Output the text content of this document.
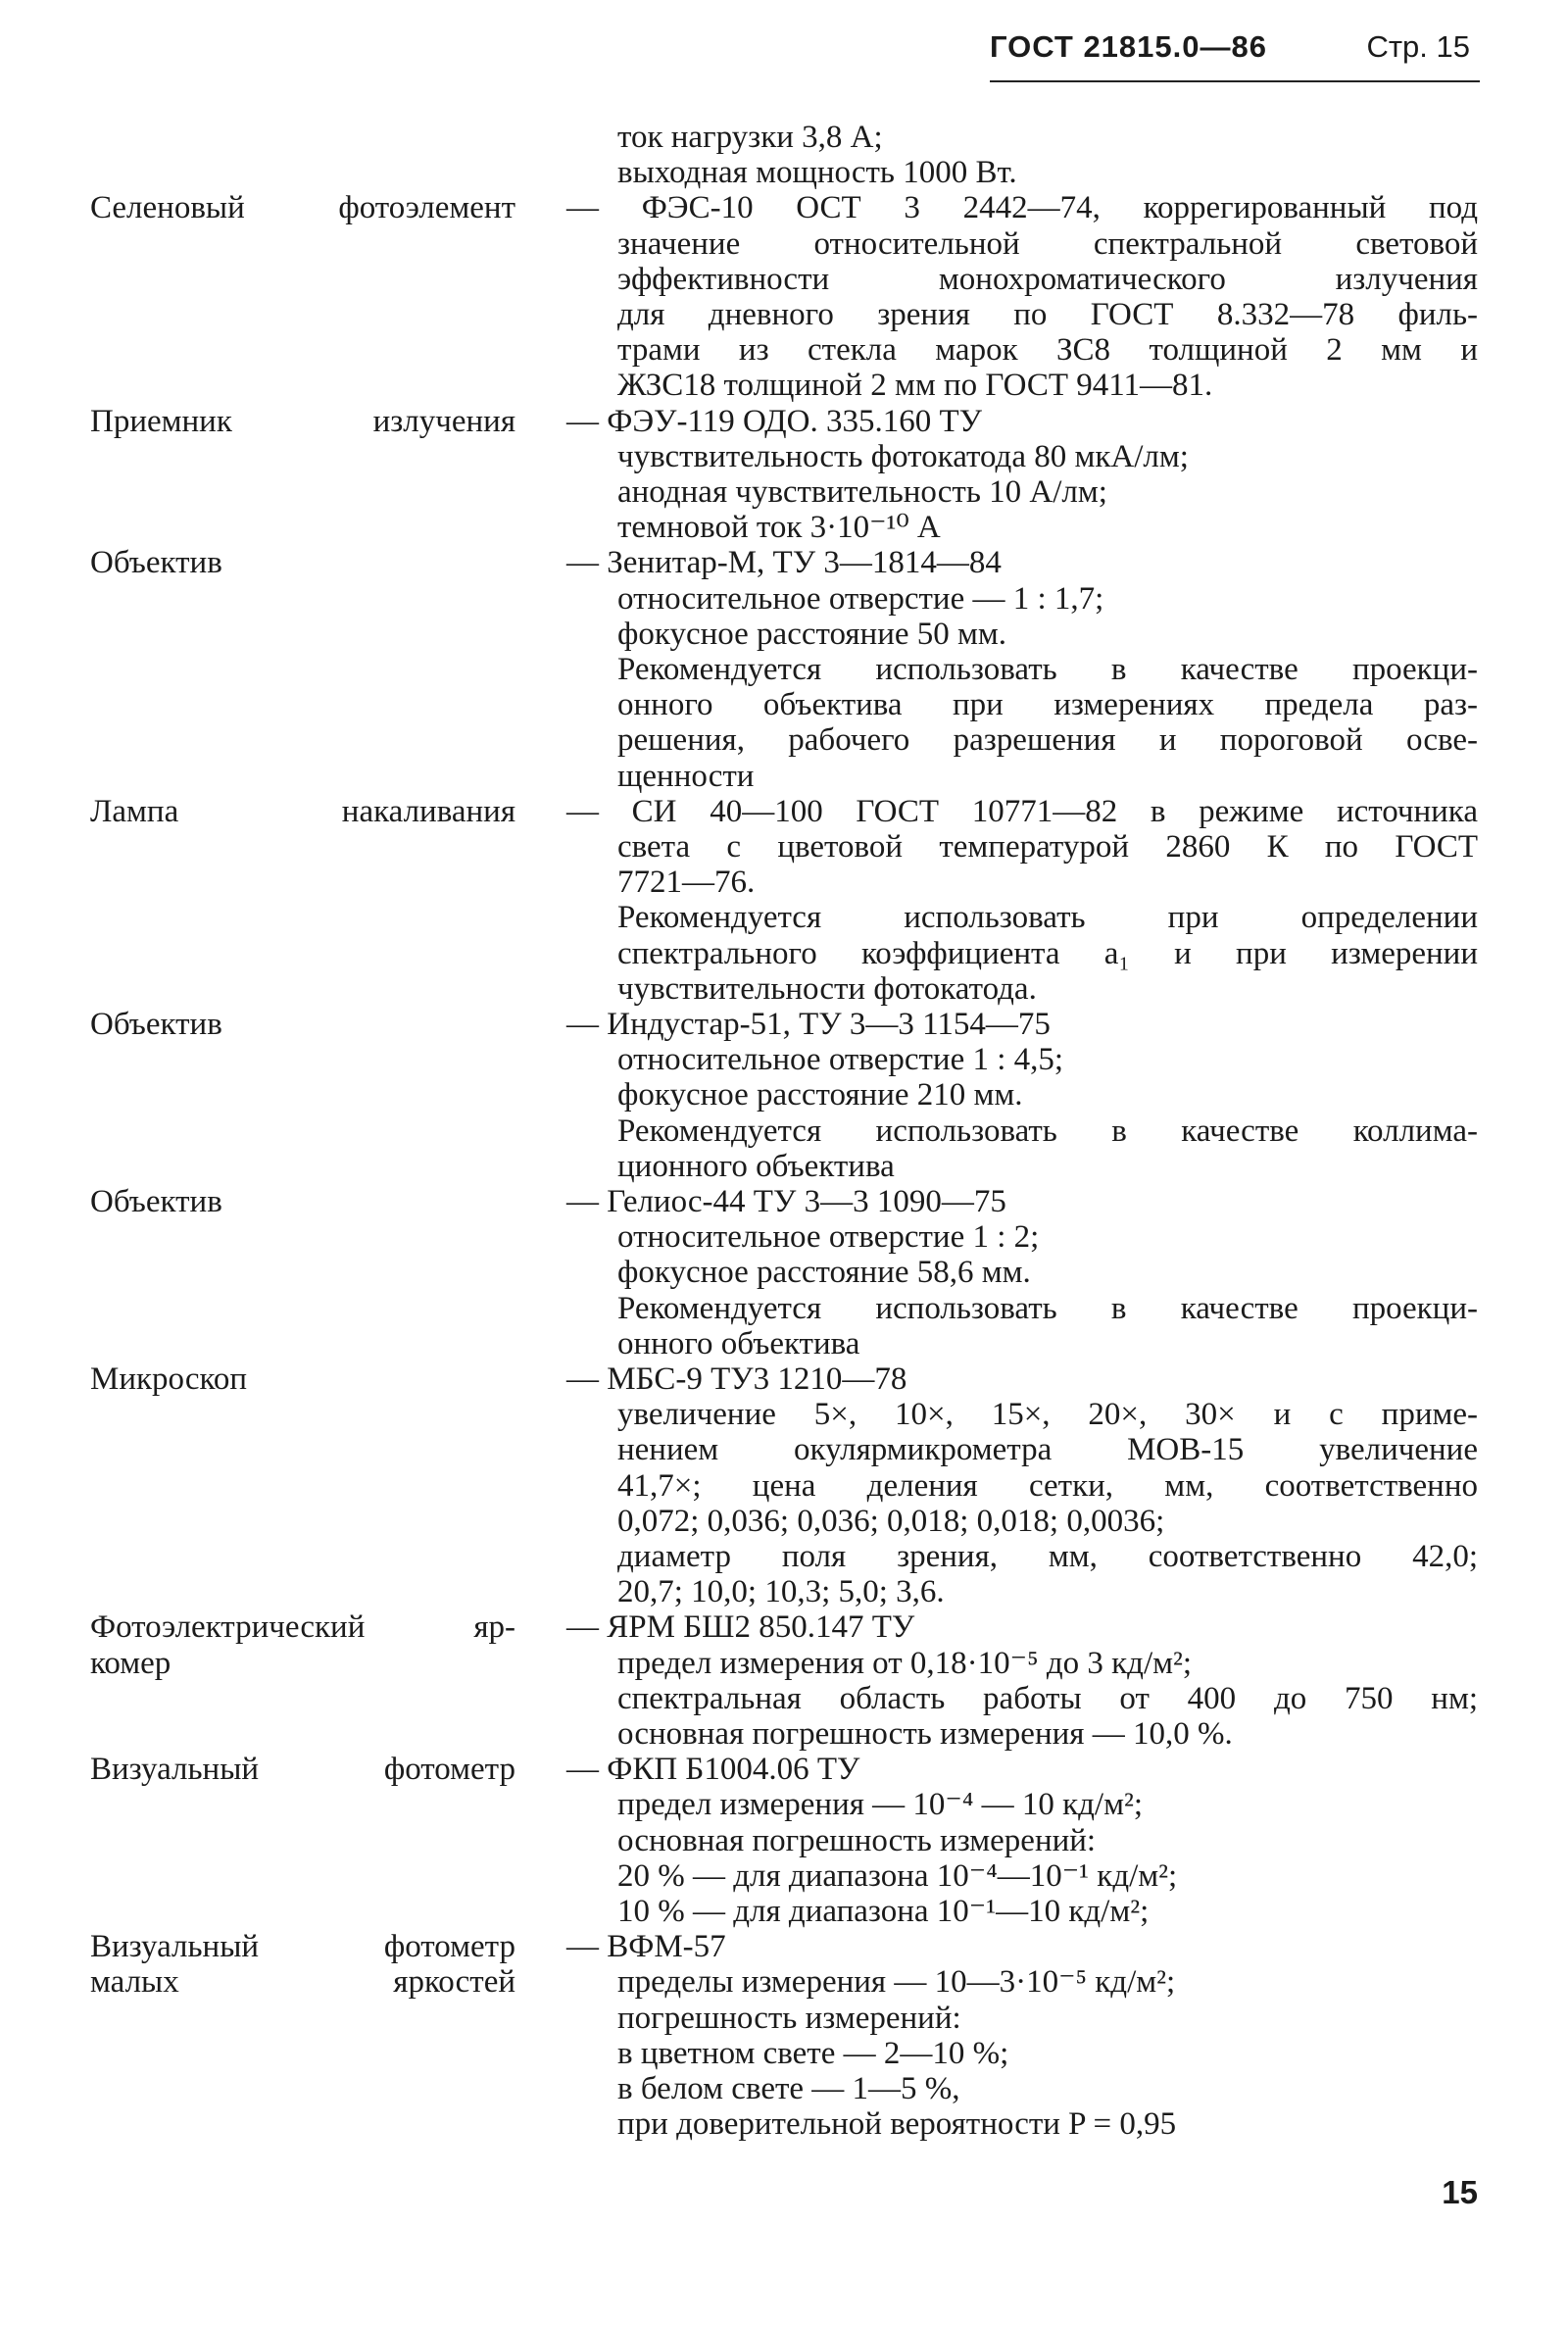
ГОСТ 21815.0—86	Стр. 15
ток нагрузки 3,8 А;
выходная мощность 1000 Вт.
Селеновый фотоэлемент — ФЭС-10 ОСТ 3 2442—74, коррегированный под
значение относительной спектральной световой
эффективности монохроматического излучения
для дневного зрения по ГОСТ 8.332—78 филь-
трами из стекла марок ЗС8 толщиной 2 мм и
ЖЗС18 толщиной 2 мм по ГОСТ 9411—81.
Приемник излучения — ФЭУ-119 ОДО. 335.160 ТУ
чувствительность фотокатода 80 мкА/лм;
анодная чувствительность 10 А/лм;
темновой ток 3·10⁻¹⁰ А
Объектив	— Зенитар-М, ТУ 3—1814—84
относительное отверстие — 1 : 1,7;
фокусное расстояние 50 мм.
Рекомендуется использовать в качестве проекци-
онного объектива при измерениях предела раз-
решения, рабочего разрешения и пороговой осве-
щенности
Лампа накаливания — СИ 40—100 ГОСТ 10771—82 в режиме источника
света с цветовой температурой 2860 К по ГОСТ
7721—76.
Рекомендуется использовать при определении
спектрального коэффициента a₁ и при измерении
чувствительности фотокатода.
Объектив	— Индустар-51, ТУ 3—3 1154—75
относительное отверстие 1 : 4,5;
фокусное расстояние 210 мм.
Рекомендуется использовать в качестве коллима-
ционного объектива
Объектив	— Гелиос-44 ТУ 3—3 1090—75
относительное отверстие 1 : 2;
фокусное расстояние 58,6 мм.
Рекомендуется использовать в качестве проекци-
онного объектива
Микроскоп	— МБС-9 ТУ3 1210—78
увеличение 5×, 10×, 15×, 20×, 30× и с приме-
нением окулярмикрометра МОВ-15 увеличение
41,7×; цена деления сетки, мм, соответственно
0,072; 0,036; 0,036; 0,018; 0,018; 0,0036;
диаметр поля зрения, мм, соответственно 42,0;
20,7; 10,0; 10,3; 5,0; 3,6.
Фотоэлектрический яр-
комер
— ЯРМ БШ2 850.147 ТУ
предел измерения от 0,18·10⁻⁵ до 3 кд/м²;
спектральная область работы от 400 до 750 нм;
основная погрешность измерения — 10,0 %.
Визуальный фотометр — ФКП Б1004.06 ТУ
предел измерения — 10⁻⁴ — 10 кд/м²;
основная погрешность измерений:
20 % — для диапазона 10⁻⁴—10⁻¹ кд/м²;
10 % — для диапазона 10⁻¹—10 кд/м²;
Визуальный фотометр
малых яркостей
— ВФМ-57
пределы измерения — 10—3·10⁻⁵ кд/м²;
погрешность измерений:
в цветном свете — 2—10 %;
в белом свете — 1—5 %,
при доверительной вероятности P = 0,95
15
